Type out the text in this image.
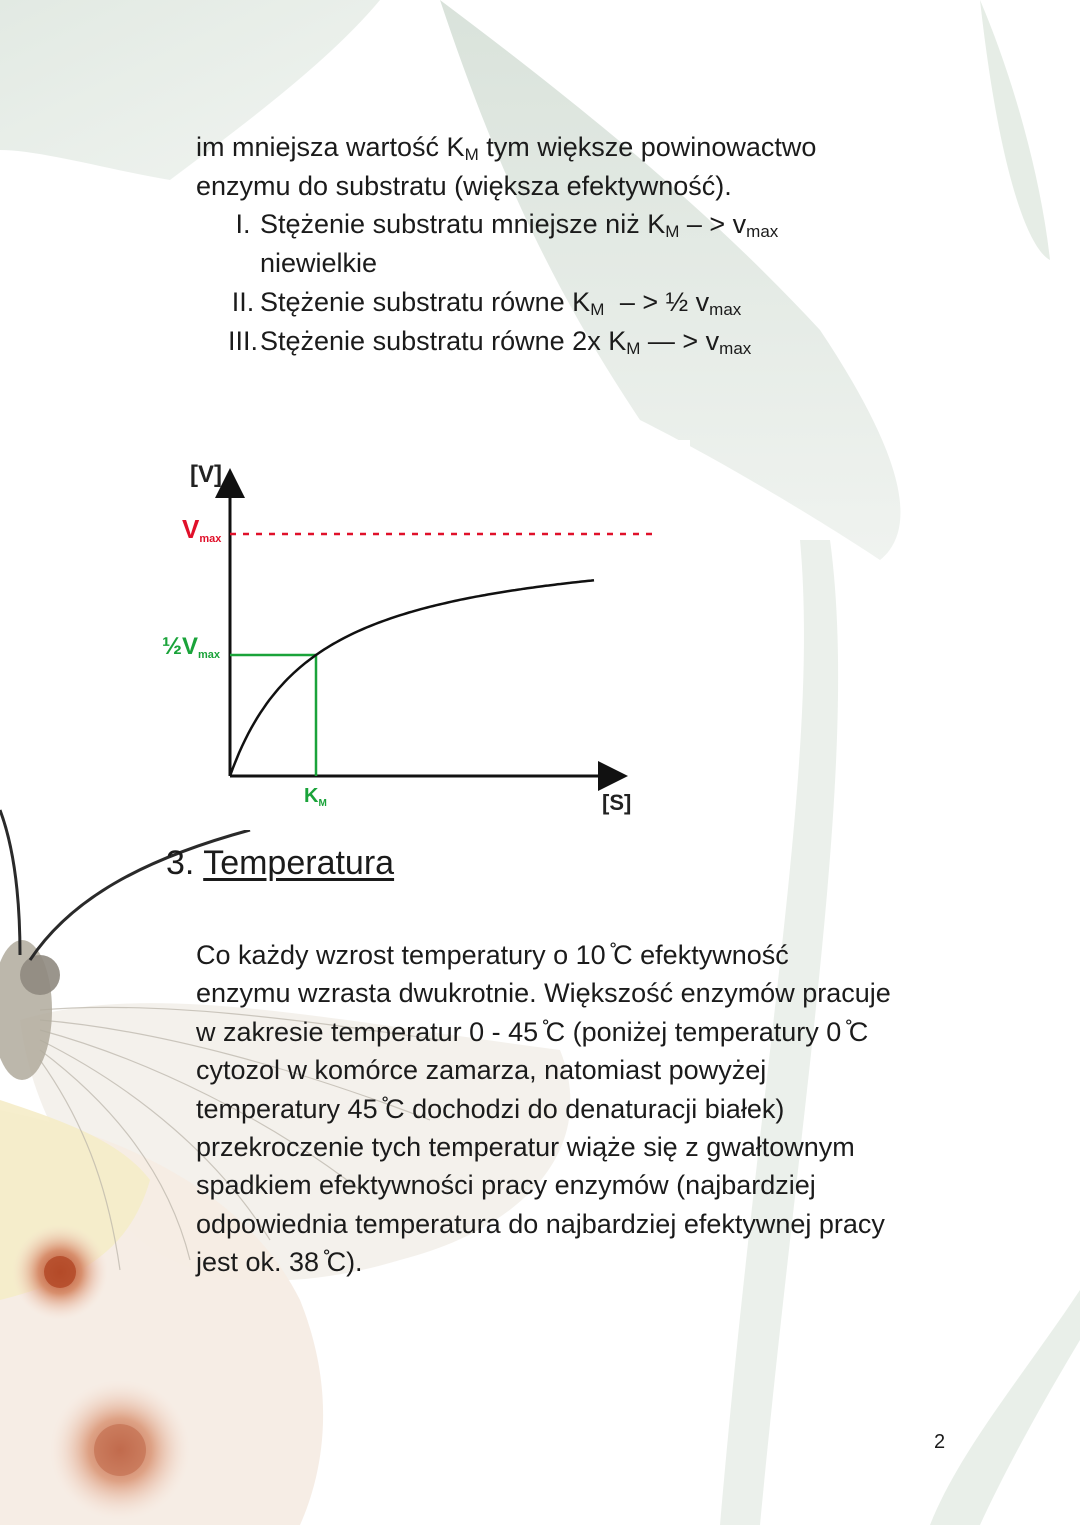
im mniejsza wartość $K_M$ tym większe powinowactwo

enzymu do substratu (większa efektywność).

I. Stężenie substratu mniejsze niż $K_M$ – > $v_{max}$
niewielkie
II. Stężenie substratu równe $K_M$ – > ½ $v_{max}$
III. Stężenie substratu równe 2x $K_M$ — > $v_{max}$
[V]
[S]
Vmax
½Vmax
$K_M$
3. Temperatura

Co każdy wzrost temperatury o 10 ̊C efektywność

enzymu wzrasta dwukrotnie. Większość enzymów pracuje

w zakresie temperatur 0 - 45 ̊C (poniżej temperatury 0 ̊C

cytozol w komórce zamarza, natomiast powyżej

temperatury 45 ̊C dochodzi do denaturacji białek)

przekroczenie tych temperatur wiąże się z gwałtownym

spadkiem efektywności pracy enzymów (najbardziej

odpowiednia temperatura do najbardziej efektywnej pracy

jest ok. 38 ̊C).

2
